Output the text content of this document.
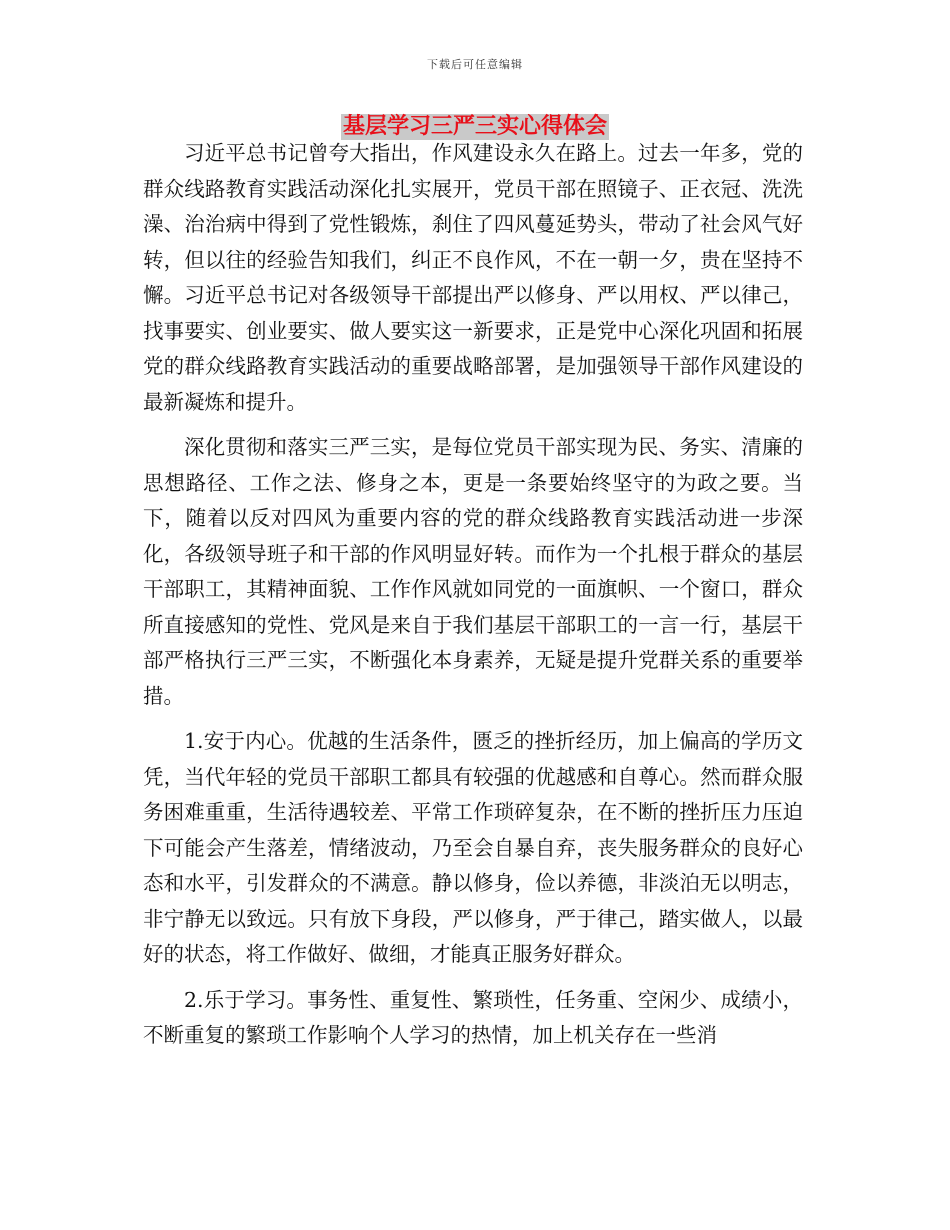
下载后可任意编辑
基层学习三严三实心得体会

习近平总书记曾夸大指出，作风建设永久在路上。过去一年多，党的群众线路教育实践活动深化扎实展开，党员干部在照镜子、正衣冠、洗洗澡、治治病中得到了党性锻炼，刹住了四风蔓延势头，带动了社会风气好转，但以往的经验告知我们，纠正不良作风，不在一朝一夕，贵在坚持不懈。习近平总书记对各级领导干部提出严以修身、严以用权、严以律己，找事要实、创业要实、做人要实这一新要求，正是党中心深化巩固和拓展党的群众线路教育实践活动的重要战略部署，是加强领导干部作风建设的最新凝炼和提升。

深化贯彻和落实三严三实，是每位党员干部实现为民、务实、清廉的思想路径、工作之法、修身之本，更是一条要始终坚守的为政之要。当下，随着以反对四风为重要内容的党的群众线路教育实践活动进一步深化，各级领导班子和干部的作风明显好转。而作为一个扎根于群众的基层干部职工，其精神面貌、工作作风就如同党的一面旗帜、一个窗口，群众所直接感知的党性、党风是来自于我们基层干部职工的一言一行，基层干部严格执行三严三实，不断强化本身素养，无疑是提升党群关系的重要举措。

1.安于内心。优越的生活条件，匮乏的挫折经历，加上偏高的学历文凭，当代年轻的党员干部职工都具有较强的优越感和自尊心。然而群众服务困难重重，生活待遇较差、平常工作琐碎复杂，在不断的挫折压力压迫下可能会产生落差，情绪波动，乃至会自暴自弃，丧失服务群众的良好心态和水平，引发群众的不满意。静以修身，俭以养德，非淡泊无以明志，非宁静无以致远。只有放下身段，严以修身，严于律己，踏实做人，以最好的状态，将工作做好、做细，才能真正服务好群众。

2.乐于学习。事务性、重复性、繁琐性，任务重、空闲少、成绩小，不断重复的繁琐工作影响个人学习的热情，加上机关存在一些消
